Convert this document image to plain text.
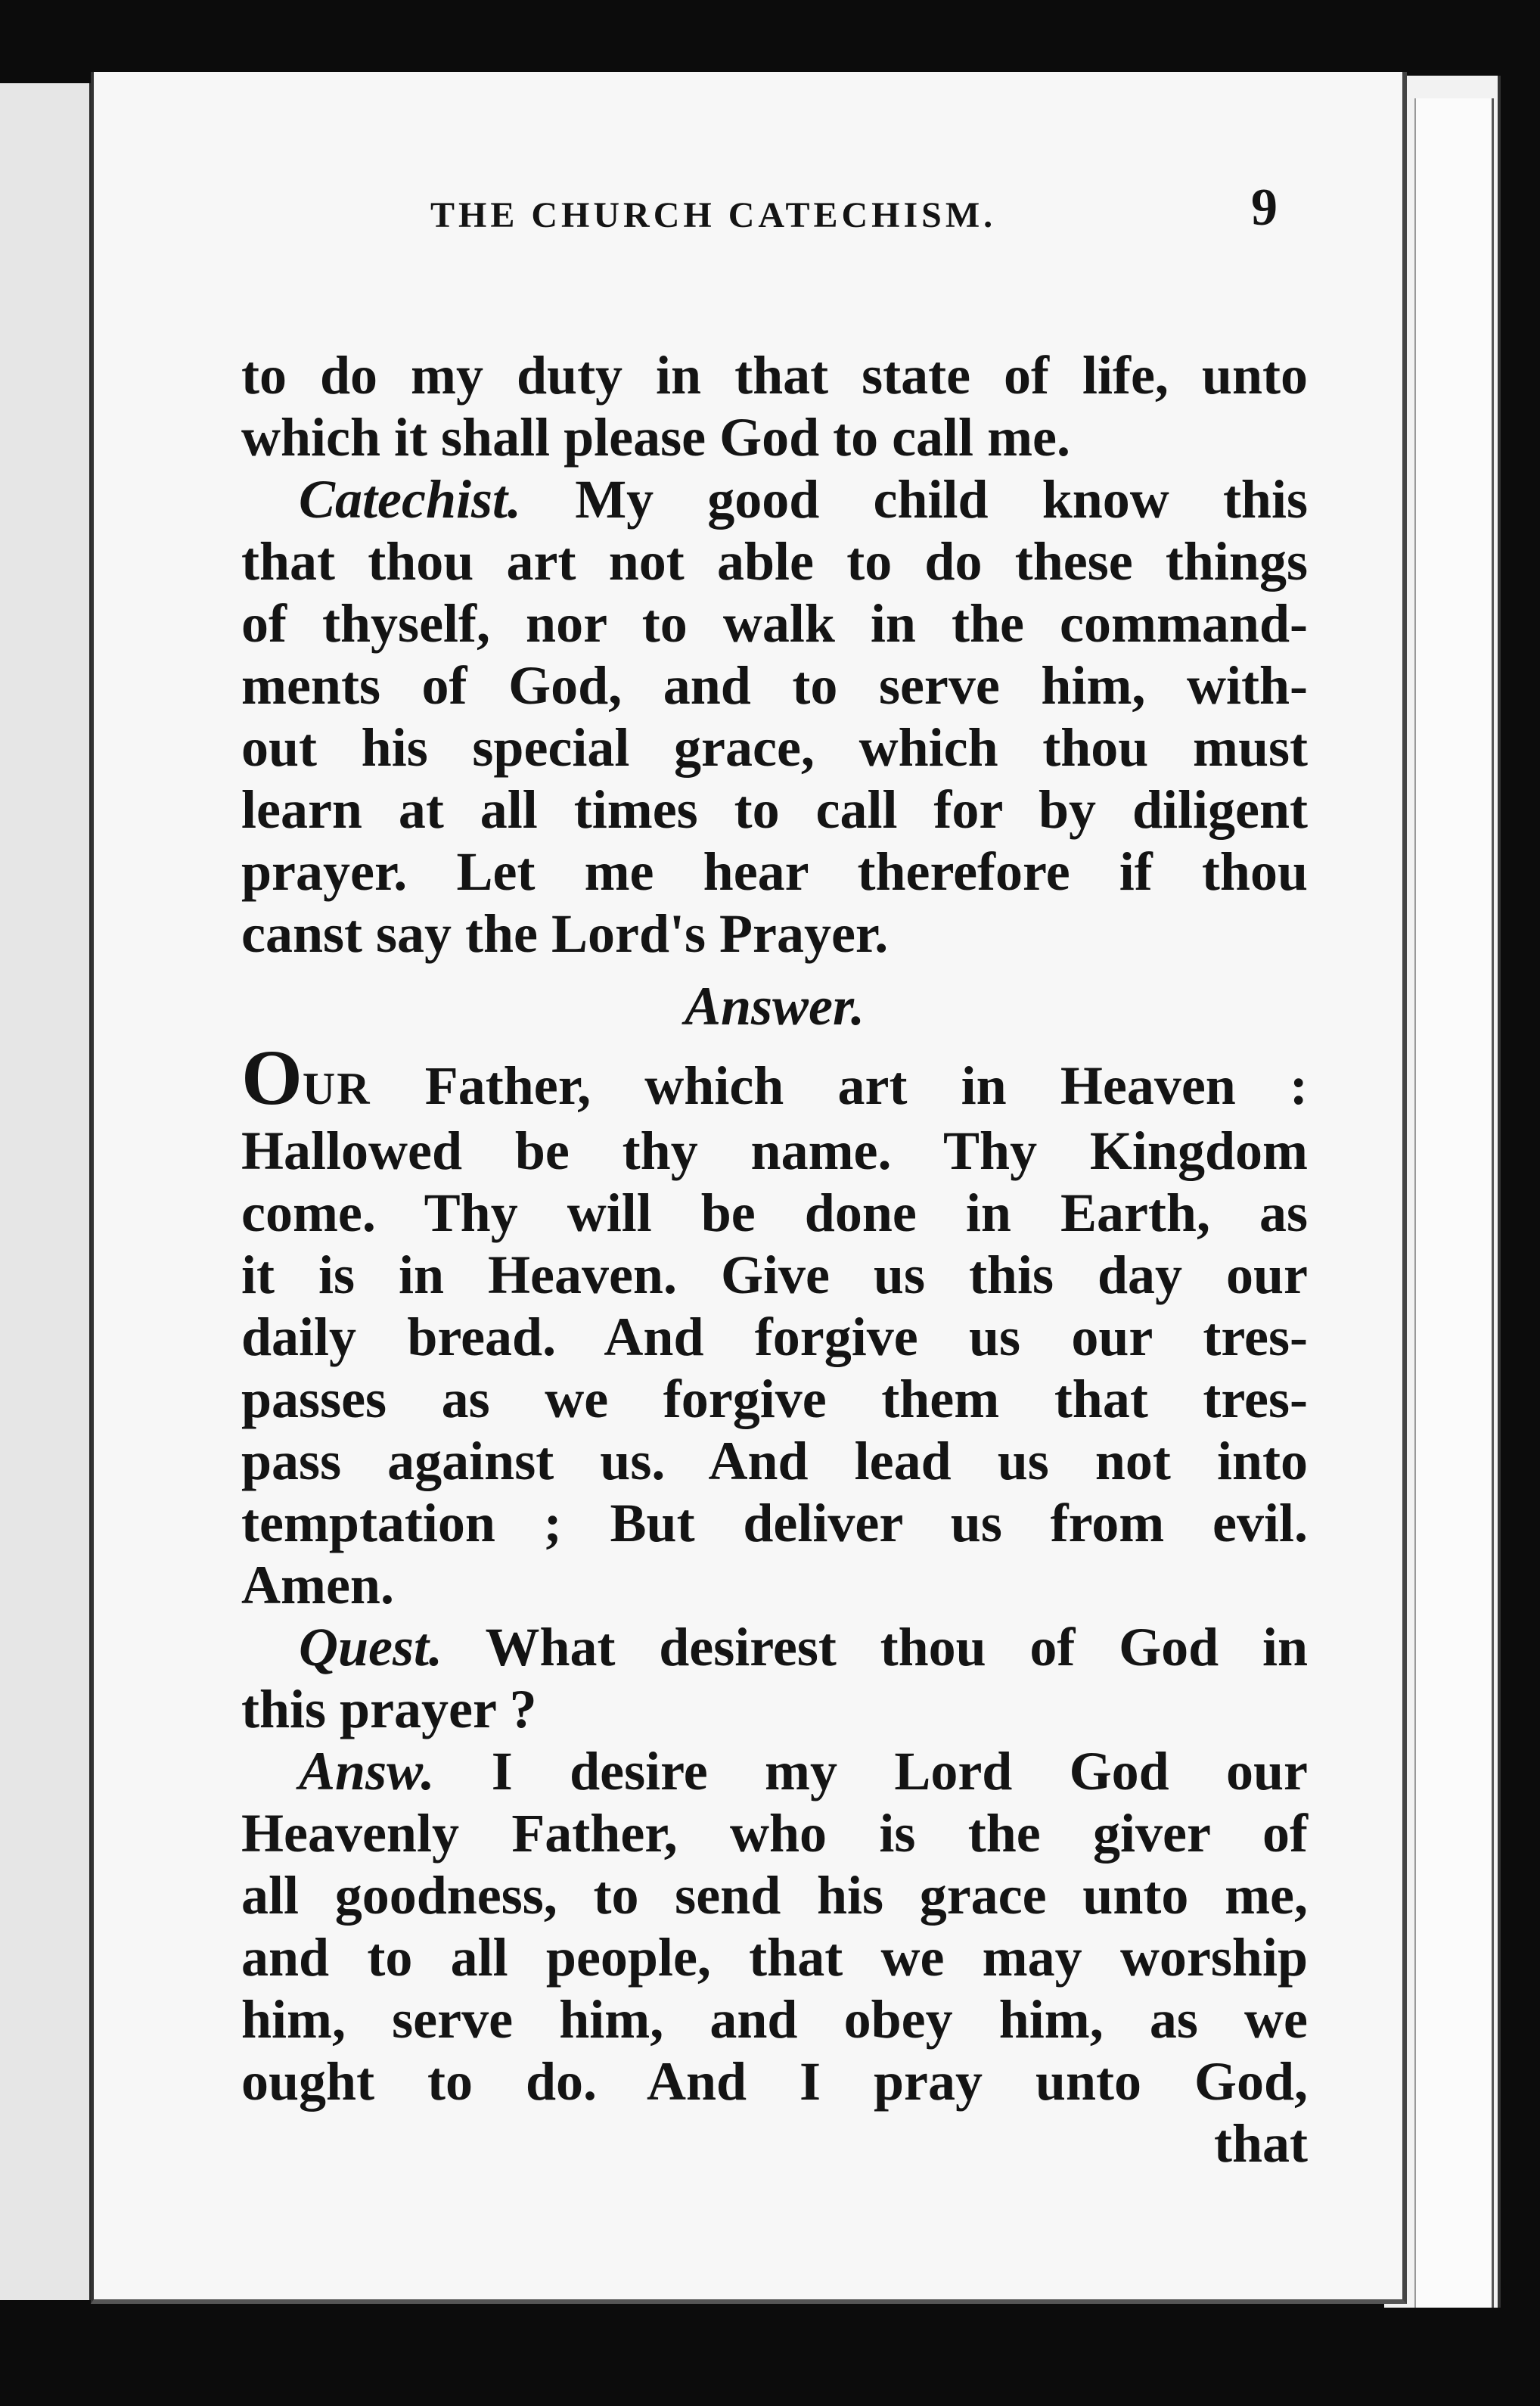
THE CHURCH CATECHISM.	9
to do my duty in that state of life, unto
which it shall please God to call me.
Catechist. My good child know this
that thou art not able to do these things
of thyself, nor to walk in the command-
ments of God, and to serve him, with-
out his special grace, which thou must
learn at all times to call for by diligent
prayer. Let me hear therefore if thou
canst say the Lord's Prayer.
Answer.
OUR Father, which art in Heaven :
Hallowed be thy name. Thy Kingdom
come. Thy will be done in Earth, as
it is in Heaven. Give us this day our
daily bread. And forgive us our tres-
passes as we forgive them that tres-
pass against us. And lead us not into
temptation ; But deliver us from evil.
Amen.
Quest. What desirest thou of God in
this prayer ?
Answ. I desire my Lord God our
Heavenly Father, who is the giver of
all goodness, to send his grace unto me,
and to all people, that we may worship
him, serve him, and obey him, as we
ought to do. And I pray unto God,
that
